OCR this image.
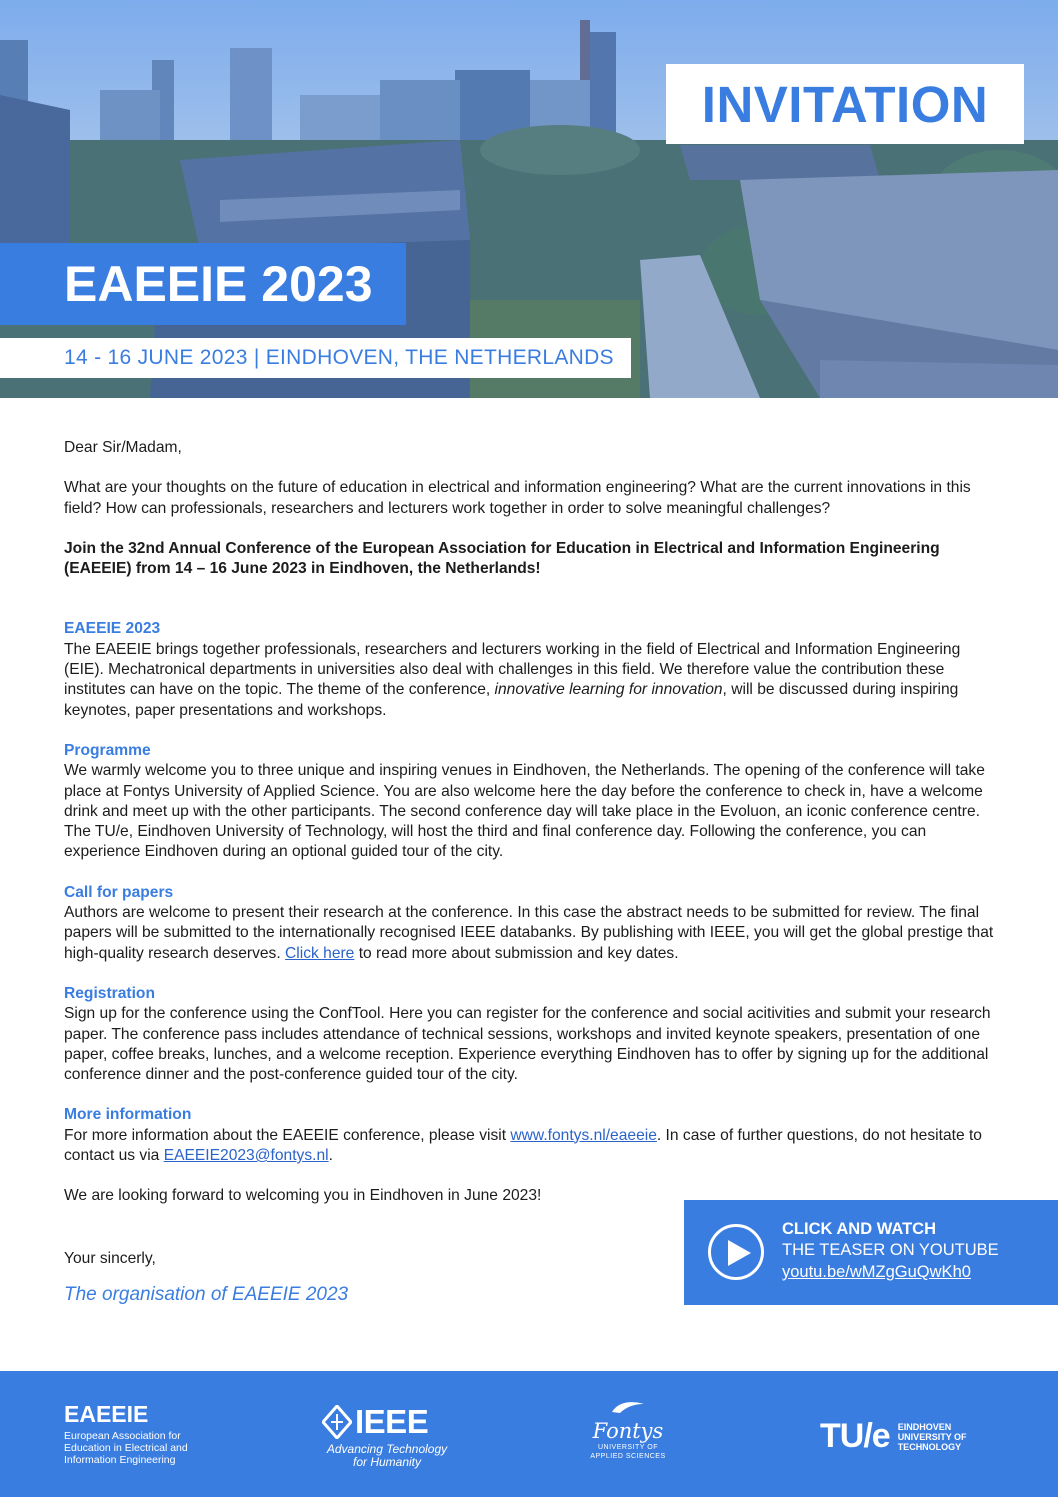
INVITATION
EAEEIE 2023
14 - 16 JUNE 2023 | EINDHOVEN, THE NETHERLANDS

Dear Sir/Madam,

What are your thoughts on the future of education in electrical and information engineering? What are the current innovations in this field? How can professionals, researchers and lecturers work together in order to solve meaningful challenges?

Join the 32nd Annual Conference of the European Association for Education in Electrical and Information Engineering (EAEEIE) from 14 – 16 June 2023 in Eindhoven, the Netherlands!

EAEEIE 2023

The EAEEIE brings together professionals, researchers and lecturers working in the field of Electrical and Information Engineering (EIE). Mechatronical departments in universities also deal with challenges in this field. We therefore value the contribution these institutes can have on the topic. The theme of the conference, innovative learning for innovation, will be discussed during inspiring keynotes, paper presentations and workshops.

Programme

We warmly welcome you to three unique and inspiring venues in Eindhoven, the Netherlands. The opening of the conference will take place at Fontys University of Applied Science. You are also welcome here the day before the conference to check in, have a welcome drink and meet up with the other participants. The second conference day will take place in the Evoluon, an iconic conference centre. The TU/e, Eindhoven University of Technology, will host the third and final conference day. Following the conference, you can experience Eindhoven during an optional guided tour of the city.

Call for papers

Authors are welcome to present their research at the conference. In this case the abstract needs to be submitted for review. The final papers will be submitted to the internationally recognised IEEE databanks. By publishing with IEEE, you will get the global prestige that high-quality research deserves. Click here to read more about submission and key dates.

Registration

Sign up for the conference using the ConfTool. Here you can register for the conference and social acitivities and submit your research paper. The conference pass includes attendance of technical sessions, workshops and invited keynote speakers, presentation of one paper, coffee breaks, lunches, and a welcome reception. Experience everything Eindhoven has to offer by signing up for the additional conference dinner and the post-conference guided tour of the city.

More information

For more information about the EAEEIE conference, please visit www.fontys.nl/eaeeie. In case of further questions, do not hesitate to contact us via EAEEIE2023@fontys.nl.

We are looking forward to welcoming you in Eindhoven in June 2023!

Your sincerly,

The organisation of EAEEIE 2023

CLICK AND WATCH
THE TEASER ON YOUTUBE
youtu.be/wMZgGuQwKh0
EAEEIE
European Association for Education in Electrical and Information Engineering
IEEE
Advancing Technology for Humanity
Fontys
UNIVERSITY OF APPLIED SCIENCES
TU/e EINDHOVEN UNIVERSITY OF TECHNOLOGY
